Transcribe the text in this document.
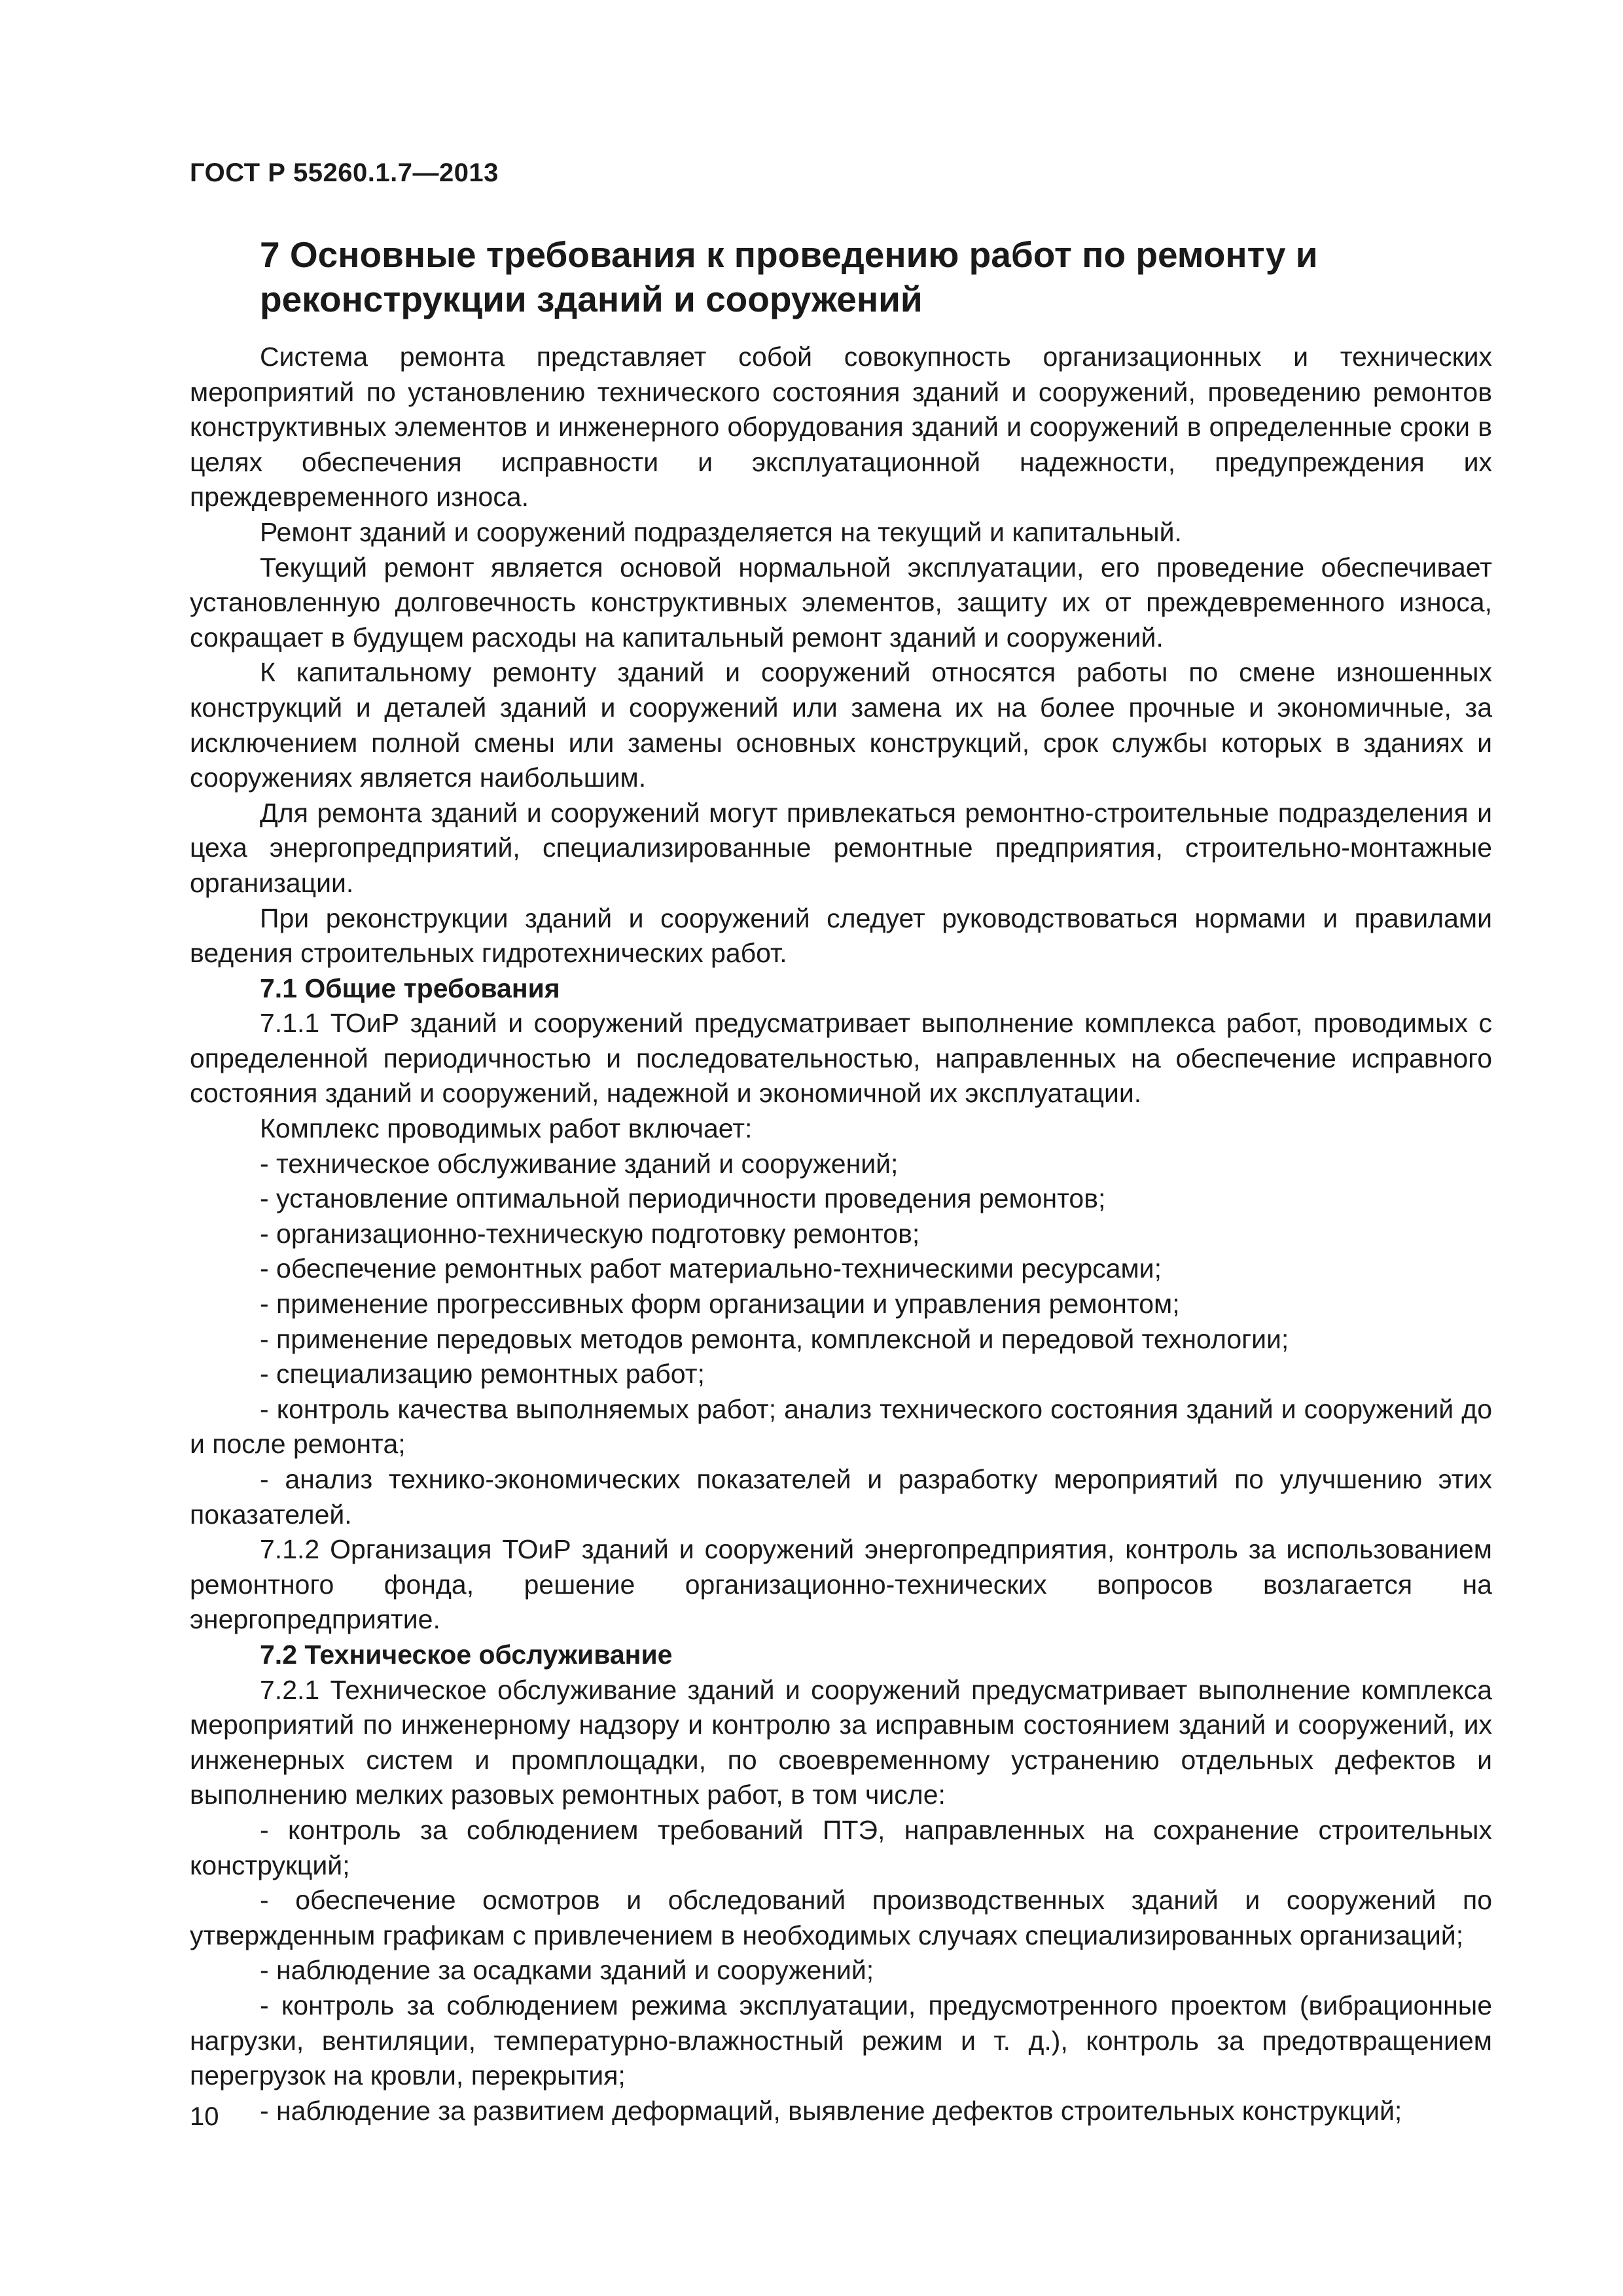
ГОСТ Р 55260.1.7—2013

7 Основные требования к проведению работ по ремонту и реконструкции зданий и сооружений

Система ремонта представляет собой совокупность организационных и технических мероприятий по установлению технического состояния зданий и сооружений, проведению ремонтов конструктивных элементов и инженерного оборудования зданий и сооружений в определенные сроки в целях обеспечения исправности и эксплуатационной надежности, предупреждения их преждевременного износа.

Ремонт зданий и сооружений подразделяется на текущий и капитальный.

Текущий ремонт является основой нормальной эксплуатации, его проведение обеспечивает установленную долговечность конструктивных элементов, защиту их от преждевременного износа, сокращает в будущем расходы на капитальный ремонт зданий и сооружений.

К капитальному ремонту зданий и сооружений относятся работы по смене изношенных конструкций и деталей зданий и сооружений или замена их на более прочные и экономичные, за исключением полной смены или замены основных конструкций, срок службы которых в зданиях и сооружениях является наибольшим.

Для ремонта зданий и сооружений могут привлекаться ремонтно-строительные подразделения и цеха энергопредприятий, специализированные ремонтные предприятия, строительно-монтажные организации.

При реконструкции зданий и сооружений следует руководствоваться нормами и правилами ведения строительных гидротехнических работ.

7.1 Общие требования

7.1.1 ТОиР зданий и сооружений предусматривает выполнение комплекса работ, проводимых с определенной периодичностью и последовательностью, направленных на обеспечение исправного состояния зданий и сооружений, надежной и экономичной их эксплуатации.

Комплекс проводимых работ включает:

- техническое обслуживание зданий и сооружений;

- установление оптимальной периодичности проведения ремонтов;

- организационно-техническую подготовку ремонтов;

- обеспечение ремонтных работ материально-техническими ресурсами;

- применение прогрессивных форм организации и управления ремонтом;

- применение передовых методов ремонта, комплексной и передовой технологии;

- специализацию ремонтных работ;

- контроль качества выполняемых работ; анализ технического состояния зданий и сооружений до и после ремонта;

- анализ технико-экономических показателей и разработку мероприятий по улучшению этих показателей.

7.1.2 Организация ТОиР зданий и сооружений энергопредприятия, контроль за использованием ремонтного фонда, решение организационно-технических вопросов возлагается на энергопредприятие.

7.2 Техническое обслуживание

7.2.1 Техническое обслуживание зданий и сооружений предусматривает выполнение комплекса мероприятий по инженерному надзору и контролю за исправным состоянием зданий и сооружений, их инженерных систем и промплощадки, по своевременному устранению отдельных дефектов и выполнению мелких разовых ремонтных работ, в том числе:

- контроль за соблюдением требований ПТЭ, направленных на сохранение строительных конструкций;

- обеспечение осмотров и обследований производственных зданий и сооружений по утвержденным графикам с привлечением в необходимых случаях специализированных организаций;

- наблюдение за осадками зданий и сооружений;

- контроль за соблюдением режима эксплуатации, предусмотренного проектом (вибрационные нагрузки, вентиляции, температурно-влажностный режим и т. д.), контроль за предотвращением перегрузок на кровли, перекрытия;

- наблюдение за развитием деформаций, выявление дефектов строительных конструкций;

10
